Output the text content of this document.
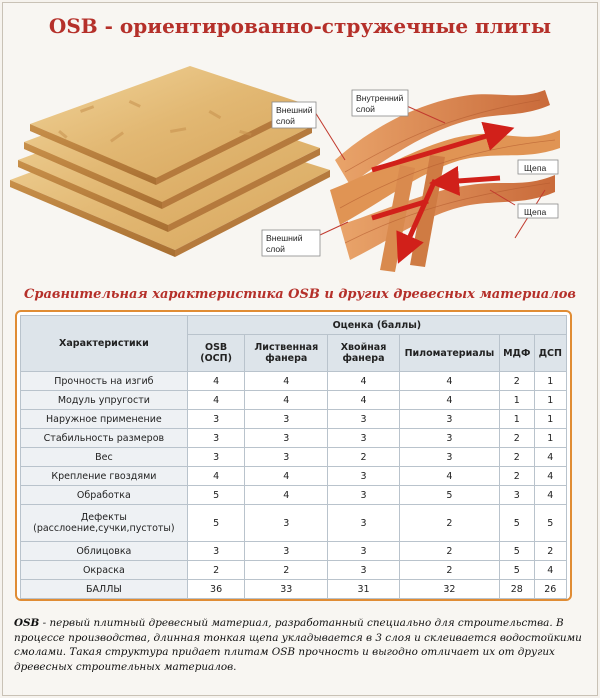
OSB - ориентированно-стружечные плиты
Внешний
слой
Внутренний
слой
Щепа
Щепа
Внешний
слой
Сравнительная характеристика OSB и других древесных материалов
Характеристики	Оценка (баллы)					
	OSB (ОСП)	Лиственная фанера	Хвойная фанера	Пиломатериалы	МДФ	ДСП
Прочность на изгиб	4	4	4	4	2	1
Модуль упругости	4	4	4	4	1	1
Наружное применение	3	3	3	3	1	1
Стабильность размеров	3	3	3	3	2	1
Вес	3	3	2	3	2	4
Крепление гвоздями	4	4	3	4	2	4
Обработка	5	4	3	5	3	4
Дефекты (расслоение,сучки,пустоты)	5	3	3	2	5	5
Облицовка	3	3	3	2	5	2
Окраска	2	2	3	2	5	4
БАЛЛЫ	36	33	31	32	28	26
OSB - первый плитный древесный материал, разработанный специально для строительства. В процессе производства, длинная тонкая щепа укладывается в 3 слоя и склеивается водостойкими смолами. Такая структура придает плитам OSB прочность и выгодно отличает их от других древесных строительных материалов.
